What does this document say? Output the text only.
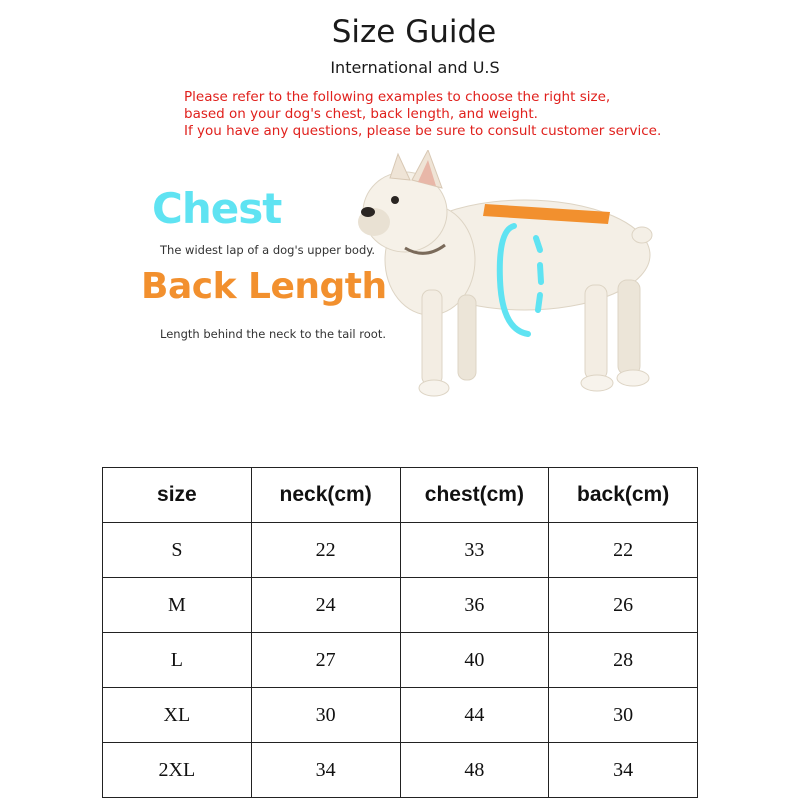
Size Guide
International and U.S
Please refer to the following examples to choose the right size,
based on your dog's chest, back length, and weight.
If you have any questions, please be sure to consult customer service.
Chest
The widest lap of a dog's upper body.
Back Length
Length behind the neck to the tail root.
size	neck(cm)	chest(cm)	back(cm)
S	22	33	22
M	24	36	26
L	27	40	28
XL	30	44	30
2XL	34	48	34
